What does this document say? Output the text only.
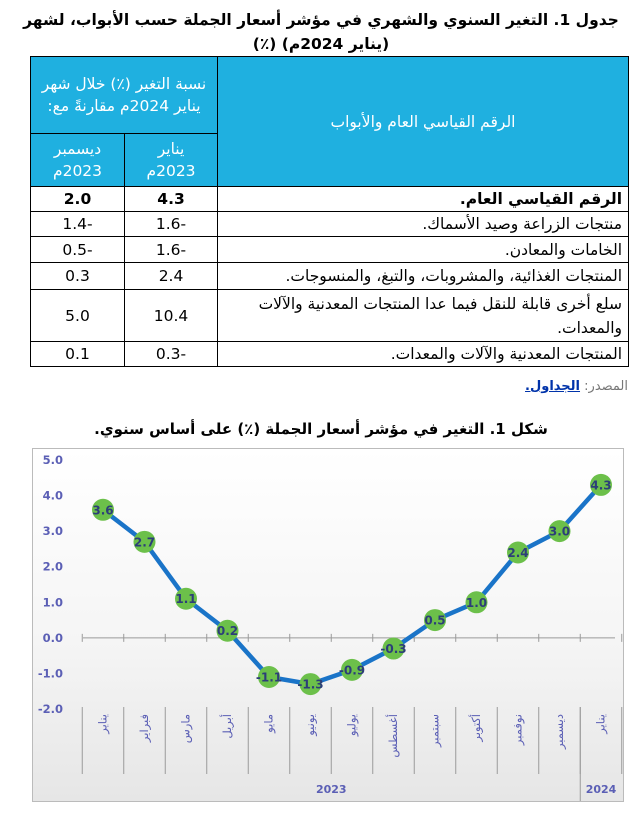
جدول 1. التغير السنوي والشهري في مؤشر أسعار الجملة حسب الأبواب، لشهر (يناير 2024م) (٪)
الرقم القياسي العام والأبواب	نسبة التغير (٪) خلال شهر يناير 2024م مقارنةً مع:	
	يناير 2023م	ديسمبر 2023م
الرقم القياسي العام.	4.3	2.0
منتجات الزراعة وصيد الأسماك.	-1.6	-1.4
الخامات والمعادن.	-1.6	-0.5
المنتجات الغذائية، والمشروبات، والتبغ، والمنسوجات.	2.4	0.3
سلع أخرى قابلة للنقل فيما عدا المنتجات المعدنية والآلات والمعدات.	10.4	5.0
المنتجات المعدنية والآلات والمعدات.	-0.3	0.1
المصدر: الجداول.
شكل 1. التغير في مؤشر أسعار الجملة (٪) على أساس سنوي.
5.0
4.0
3.0
2.0
1.0
0.0
-1.0
-2.0
يناير فبراير مارس أبريل مايو يونيو يوليو أغسطس سبتمبر أكتوبر نوفمبر ديسمبر يناير
2023	2024
3.6
2.7
1.1
0.2
-1.1
-1.3
-0.9
-0.3
0.5
1.0
2.4
3.0
4.3
